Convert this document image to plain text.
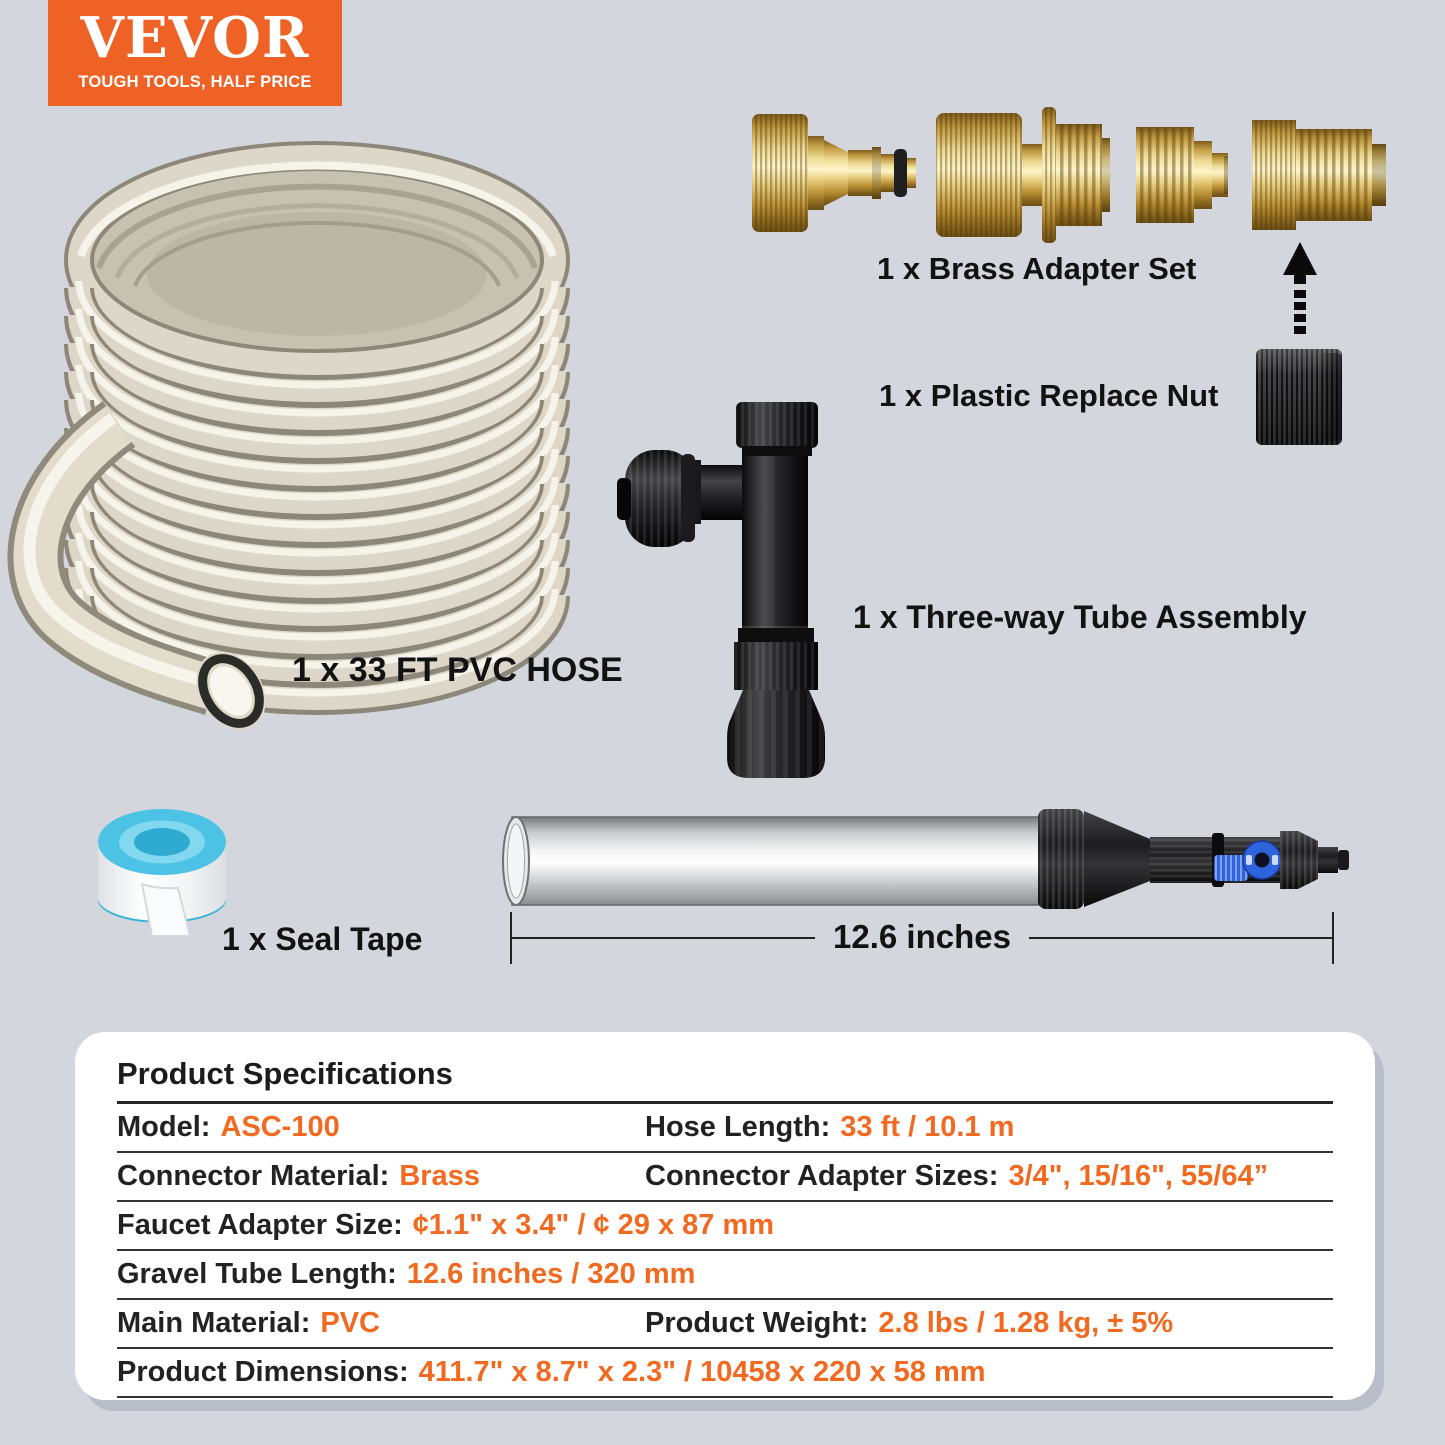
VEVOR
TOUGH TOOLS, HALF PRICE
1 x 33 FT PVC HOSE
1 x Brass Adapter Set
1 x Plastic Replace Nut
1 x Three-way Tube Assembly
1 x Seal Tape	12.6 inches
Product Specifications
Model: ASC-100	Hose Length: 33 ft / 10.1 m
Connector Material: Brass	Connector Adapter Sizes: 3/4", 15/16", 55/64”
Faucet Adapter Size: ¢1.1" x 3.4" / ¢ 29 x 87 mm
Gravel Tube Length: 12.6 inches / 320 mm
Main Material: PVC	Product Weight: 2.8 lbs / 1.28 kg, ± 5%
Product Dimensions: 411.7" x 8.7" x 2.3" / 10458 x 220 x 58 mm
